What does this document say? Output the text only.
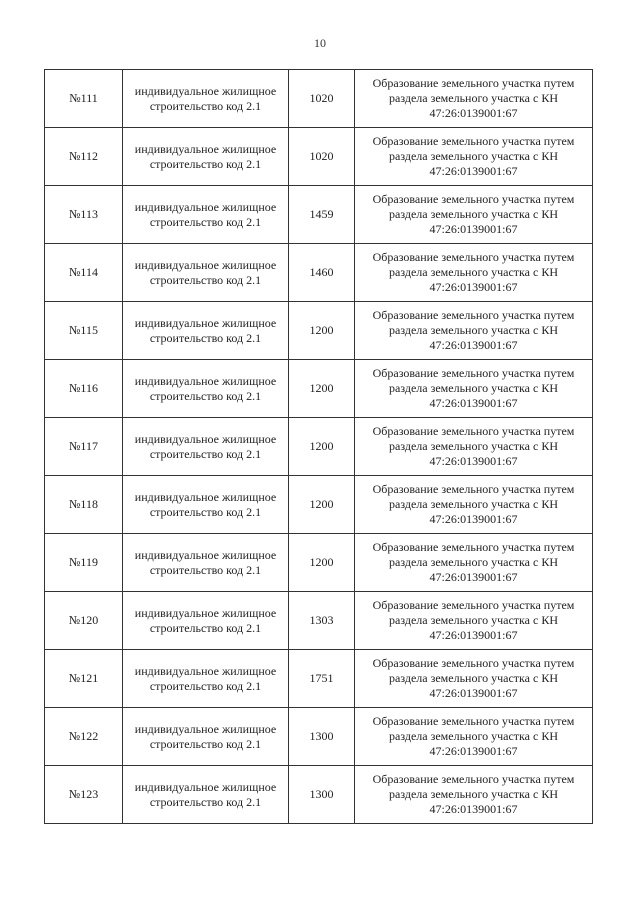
10
№111	индивидуальное жилищное
строительство код 2.1	1020	Образование земельного участка путем
раздела земельного участка с КН
47:26:0139001:67

№112	индивидуальное жилищное
строительство код 2.1	1020	Образование земельного участка путем
раздела земельного участка с КН
47:26:0139001:67

№113	индивидуальное жилищное
строительство код 2.1	1459	Образование земельного участка путем
раздела земельного участка с КН
47:26:0139001:67

№114	индивидуальное жилищное
строительство код 2.1	1460	Образование земельного участка путем
раздела земельного участка с КН
47:26:0139001:67

№115	индивидуальное жилищное
строительство код 2.1	1200	Образование земельного участка путем
раздела земельного участка с КН
47:26:0139001:67

№116	индивидуальное жилищное
строительство код 2.1	1200	Образование земельного участка путем
раздела земельного участка с КН
47:26:0139001:67

№117	индивидуальное жилищное
строительство код 2.1	1200	Образование земельного участка путем
раздела земельного участка с КН
47:26:0139001:67

№118	индивидуальное жилищное
строительство код 2.1	1200	Образование земельного участка путем
раздела земельного участка с КН
47:26:0139001:67

№119	индивидуальное жилищное
строительство код 2.1	1200	Образование земельного участка путем
раздела земельного участка с КН
47:26:0139001:67

№120	индивидуальное жилищное
строительство код 2.1	1303	Образование земельного участка путем
раздела земельного участка с КН
47:26:0139001:67

№121	индивидуальное жилищное
строительство код 2.1	1751	Образование земельного участка путем
раздела земельного участка с КН
47:26:0139001:67

№122	индивидуальное жилищное
строительство код 2.1	1300	Образование земельного участка путем
раздела земельного участка с КН
47:26:0139001:67

№123	индивидуальное жилищное
строительство код 2.1	1300	Образование земельного участка путем
раздела земельного участка с КН
47:26:0139001:67
